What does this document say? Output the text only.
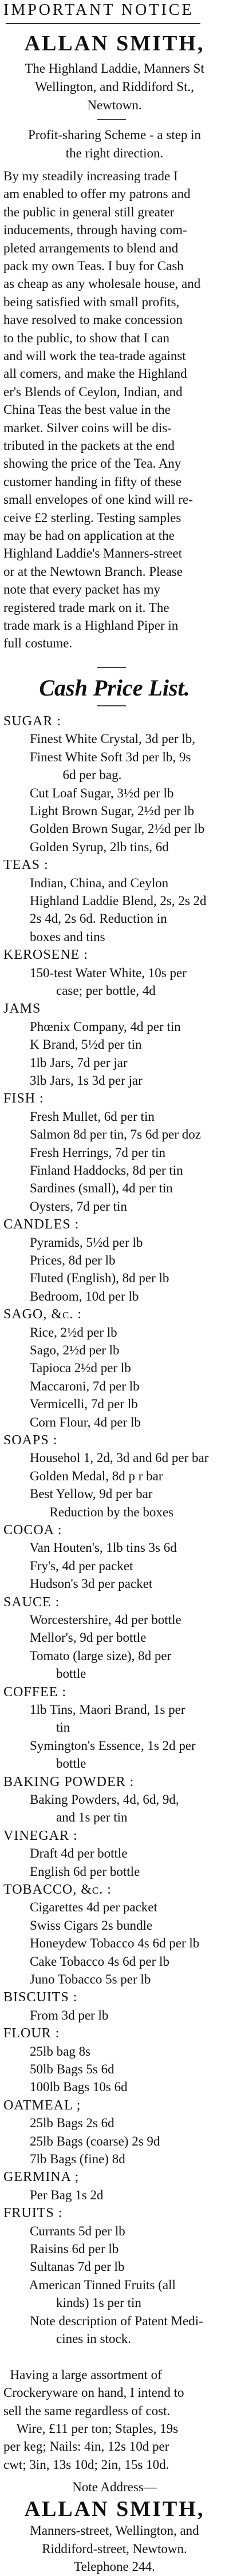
IMPORTANT NOTICE
ALLAN SMITH,
The Highland Laddie, Manners St
Wellington, and Riddiford St.,
Newtown.
Profit-sharing Scheme - a step in
the right direction.
By my steadily increasing trade I
am enabled to offer my patrons and
the public in general still greater
inducements, through having com-
pleted arrangements to blend and
pack my own Teas. I buy for Cash
as cheap as any wholesale house, and
being satisfied with small profits,
have resolved to make concession
to the public, to show that I can
and will work the tea-trade against
all comers, and make the Highland
er's Blends of Ceylon, Indian, and
China Teas the best value in the
market. Silver coins will be dis-
tributed in the packets at the end
showing the price of the Tea. Any
customer handing in fifty of these
small envelopes of one kind will re-
ceive £2 sterling. Testing samples
may be had on application at the
Highland Laddie's Manners-street
or at the Newtown Branch. Please
note that every packet has my
registered trade mark on it. The
trade mark is a Highland Piper in
full costume.
Cash Price List.
SUGAR :
Finest White Crystal, 3d per lb,
Finest White Soft 3d per lb, 9s
6d per bag.
Cut Loaf Sugar, 3½d per lb
Light Brown Sugar, 2½d per lb
Golden Brown Sugar, 2½d per lb
Golden Syrup, 2lb tins, 6d
TEAS :
Indian, China, and Ceylon
Highland Laddie Blend, 2s, 2s 2d
2s 4d, 2s 6d. Reduction in
boxes and tins
KEROSENE :
150-test Water White, 10s per
case; per bottle, 4d
JAMS
Phœnix Company, 4d per tin
K Brand, 5½d per tin
1lb Jars, 7d per jar
3lb Jars, 1s 3d per jar
FISH :
Fresh Mullet, 6d per tin
Salmon 8d per tin, 7s 6d per doz
Fresh Herrings, 7d per tin
Finland Haddocks, 8d per tin
Sardines (small), 4d per tin
Oysters, 7d per tin
CANDLES :
Pyramids, 5½d per lb
Prices, 8d per lb
Fluted (English), 8d per lb
Bedroom, 10d per lb
SAGO, &c. :
Rice, 2½d per lb
Sago, 2½d per lb
Tapioca 2½d per lb
Maccaroni, 7d per lb
Vermicelli, 7d per lb
Corn Flour, 4d per lb
SOAPS :
Househol 1, 2d, 3d and 6d per bar
Golden Medal, 8d p r bar
Best Yellow, 9d per bar
Reduction by the boxes
COCOA :
Van Houten's, 1lb tins 3s 6d
Fry's, 4d per packet
Hudson's 3d per packet
SAUCE :
Worcestershire, 4d per bottle
Mellor's, 9d per bottle
Tomato (large size), 8d per
bottle
COFFEE :
1lb Tins, Maori Brand, 1s per
tin
Symington's Essence, 1s 2d per
bottle
BAKING POWDER :
Baking Powders, 4d, 6d, 9d,
and 1s per tin
VINEGAR :
Draft 4d per bottle
English 6d per bottle
TOBACCO, &c. :
Cigarettes 4d per packet
Swiss Cigars 2s bundle
Honeydew Tobacco 4s 6d per lb
Cake Tobacco 4s 6d per lb
Juno Tobacco 5s per lb
BISCUITS :
From 3d per lb
FLOUR :
25lb bag 8s
50lb Bags 5s 6d
100lb Bags 10s 6d
OATMEAL ;
25lb Bags 2s 6d
25lb Bags (coarse) 2s 9d
7lb Bags (fine) 8d
GERMINA ;
Per Bag 1s 2d
FRUITS :
Currants 5d per lb
Raisins 6d per lb
Sultanas 7d per lb
American Tinned Fruits (all
kinds) 1s per tin
Note description of Patent Medi-
cines in stock.
Having a large assortment of
Crockeryware on hand, I intend to
sell the same regardless of cost.
Wire, £11 per ton; Staples, 19s
per keg; Nails: 4in, 12s 10d per
cwt; 3in, 13s 10d; 2in, 15s 10d.
Note Address—
ALLAN SMITH,
Manners-street, Wellington, and
Riddiford-street, Newtown.
Telephone 244.
